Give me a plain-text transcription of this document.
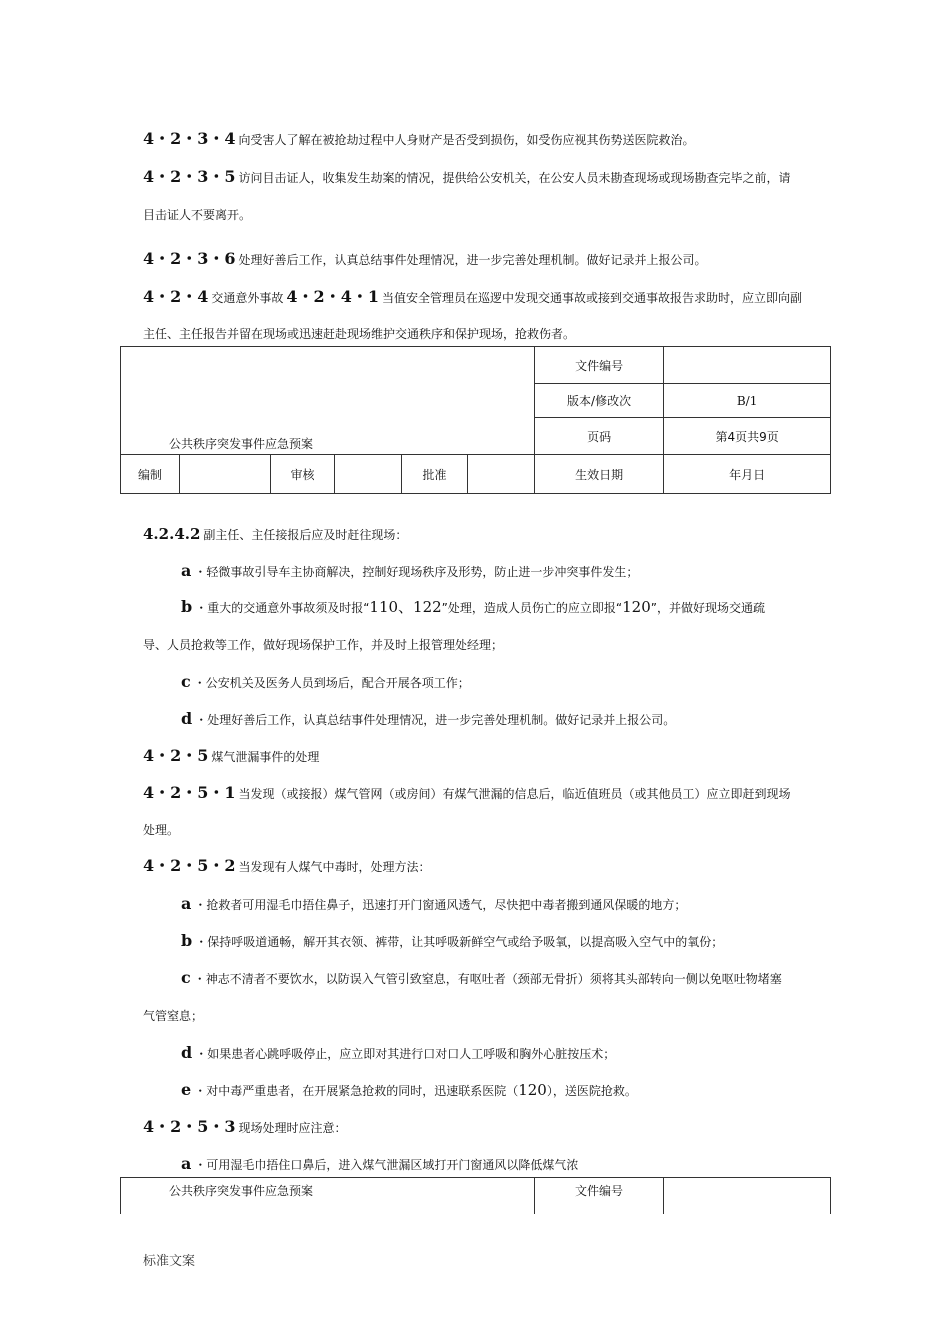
4・2・3・4 向受害人了解在被抢劫过程中人身财产是否受到损伤，如受伤应视其伤势送医院救治。
4・2・3・5 访问目击证人，收集发生劫案的情况，提供给公安机关，在公安人员未勘查现场或现场勘查完毕之前，请
目击证人不要离开。
4・2・3・6 处理好善后工作，认真总结事件处理情况，进一步完善处理机制。做好记录并上报公司。
4・2・4 交通意外事故 4・2・4・1 当值安全管理员在巡逻中发现交通事故或接到交通事故报告求助时，应立即向副
主任、主任报告并留在现场或迅速赶赴现场维护交通秩序和保护现场，抢救伤者。
公共秩序突发事件应急预案						文件编号	
						版本/修改次	B/1
						页码	第4页共9页
编制		审核		批准		生效日期	年月日
4.2.4.2 副主任、主任接报后应及时赶往现场：
a ・轻微事故引导车主协商解决，控制好现场秩序及形势，防止进一步冲突事件发生；
b ・重大的交通意外事故须及时报“110、122”处理，造成人员伤亡的应立即报“120”，并做好现场交通疏
导、人员抢救等工作，做好现场保护工作，并及时上报管理处经理；
c ・公安机关及医务人员到场后，配合开展各项工作；
d ・处理好善后工作，认真总结事件处理情况，进一步完善处理机制。做好记录并上报公司。
4・2・5 煤气泄漏事件的处理
4・2・5・1 当发现（或接报）煤气管网（或房间）有煤气泄漏的信息后，临近值班员（或其他员工）应立即赶到现场
处理。
4・2・5・2 当发现有人煤气中毒时，处理方法：
a ・抢救者可用湿毛巾捂住鼻子，迅速打开门窗通风透气，尽快把中毒者搬到通风保暖的地方；
b ・保持呼吸道通畅，解开其衣领、裤带，让其呼吸新鲜空气或给予吸氧，以提高吸入空气中的氧份；
c ・神志不清者不要饮水，以防误入气管引致窒息，有呕吐者（颈部无骨折）须将其头部转向一侧以免呕吐物堵塞
气管窒息；
d ・如果患者心跳呼吸停止，应立即对其进行口对口人工呼吸和胸外心脏按压术；
e ・对中毒严重患者，在开展紧急抢救的同时，迅速联系医院（120），送医院抢救。
4・2・5・3 现场处理时应注意：
a ・可用湿毛巾捂住口鼻后，进入煤气泄漏区域打开门窗通风以降低煤气浓
公共秩序突发事件应急预案	文件编号	
标准文案
